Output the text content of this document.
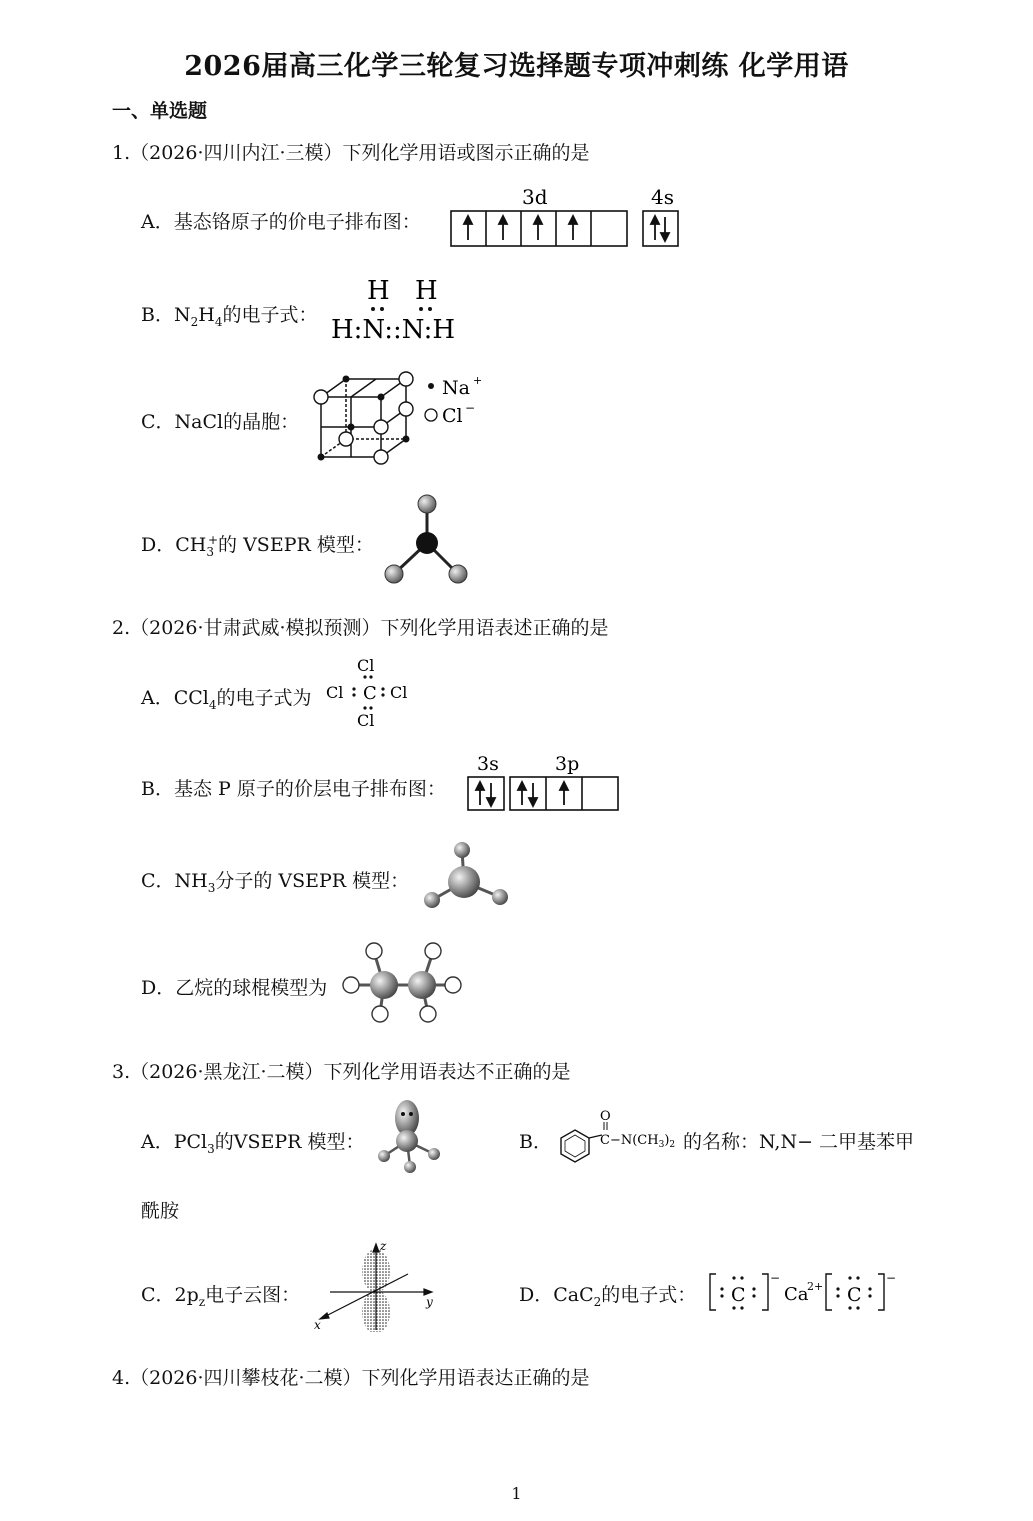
2026届高三化学三轮复习选择题专项冲刺练 化学用语
一、单选题
1.（2026·四川内江·三模）下列化学用语或图示正确的是
A．基态铬原子的价电子排布图：
3d	4s
B．$N_2H_4$的电子式：
H H
H:N::N:H
C．NaCl的晶胞：
Na +
Cl −
D．$CH_3^+$的 VSEPR 模型：
2.（2026·甘肃武威·模拟预测）下列化学用语表述正确的是
A．CCl$_4$的电子式为
Cl
Cl C Cl
Cl
B．基态 P 原子的价层电子排布图：
3s	3p
C．$NH_3$分子的 VSEPR 模型：
D．乙烷的球棍模型为
3.（2026·黑龙江·二模）下列化学用语表达不正确的是
A．PCl$_3$的VSEPR 模型：	B．
O
$C-N(CH_3)_2$ 的名称：N,N− 二甲基苯甲
酰胺
C．$2p_z$电子云图：
z
y
x
D．CaC$_2$的电子式： C	C
−
Ca
2+
−
4.（2026·四川攀枝花·二模）下列化学用语表达正确的是
1
